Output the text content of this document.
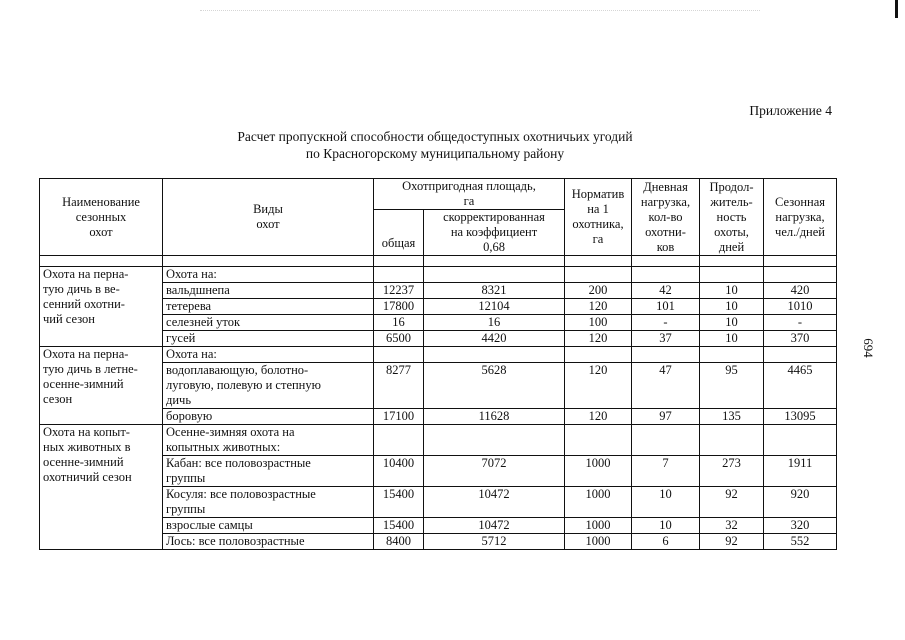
Приложение 4
Расчет пропускной способности общедоступных охотничьих угодий
по Красногорскому муниципальному району
694
Наименование
сезонных
охот	Виды
охот	Охотпригодная площадь,
га		Норматив
на 1
охотника,
га	Дневная
нагрузка,
кол-во
охотни-
ков	Продол-
житель-
ность
охоты,
дней	Сезонная
нагрузка,
чел./дней
		общая	скорректированная
на коэффициент
0,68				

Охота на перна-
тую дичь в ве-
сенний охотни-
чий сезон	Охота на:						
	вальдшнепа	12237	8321	200	42	10	420
	тетерева	17800	12104	120	101	10	1010
	селезней уток	16	16	100	-	10	-
	гусей	6500	4420	120	37	10	370
Охота на перна-
тую дичь в летне-
осенне-зимний
сезон	Охота на:						
	водоплавающую, болотно-
луговую, полевую и степную
дичь	8277	5628	120	47	95	4465
	боровую	17100	11628	120	97	135	13095
Охота на копыт-
ных животных в
осенне-зимний
охотничий сезон	Осенне-зимняя охота на
копытных животных:						
	Кабан: все половозрастные
группы	10400	7072	1000	7	273	1911
	Косуля: все половозрастные
группы	15400	10472	1000	10	92	920
	взрослые самцы	15400	10472	1000	10	32	320
	Лось: все половозрастные	8400	5712	1000	6	92	552
